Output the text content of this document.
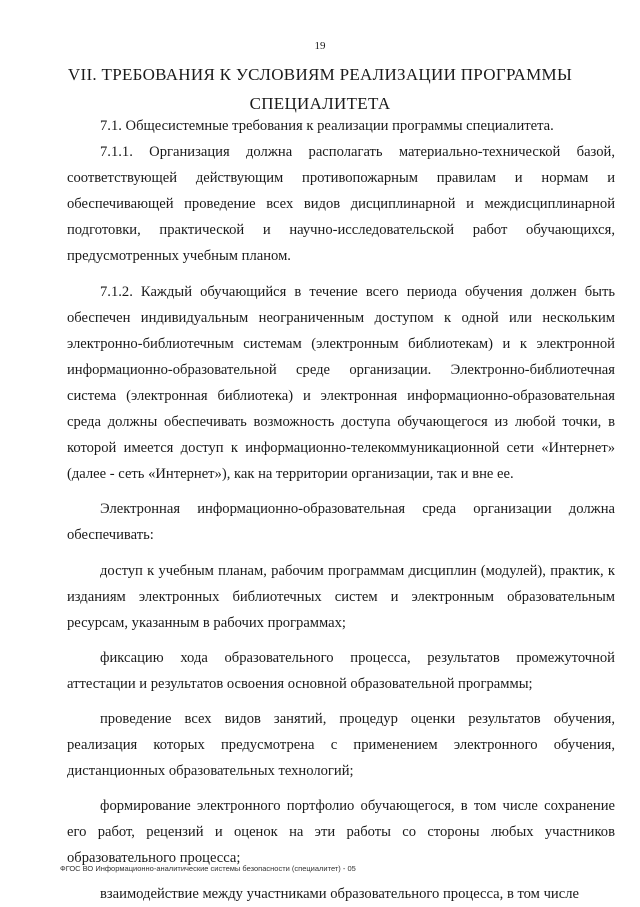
19
VII. ТРЕБОВАНИЯ К УСЛОВИЯМ РЕАЛИЗАЦИИ ПРОГРАММЫ СПЕЦИАЛИТЕТА

7.1. Общесистемные требования к реализации программы специалитета.

7.1.1. Организация должна располагать материально-технической базой, соответствующей действующим противопожарным правилам и нормам и обеспечивающей проведение всех видов дисциплинарной и междисциплинарной подготовки, практической и научно-исследовательской работ обучающихся, предусмотренных учебным планом.

7.1.2. Каждый обучающийся в течение всего периода обучения должен быть обеспечен индивидуальным неограниченным доступом к одной или нескольким электронно-библиотечным системам (электронным библиотекам) и к электронной информационно-образовательной среде организации. Электронно-библиотечная система (электронная библиотека) и электронная информационно-образовательная среда должны обеспечивать возможность доступа обучающегося из любой точки, в которой имеется доступ к информационно-телекоммуникационной сети «Интернет» (далее - сеть «Интернет»), как на территории организации, так и вне ее.

Электронная информационно-образовательная среда организации должна обеспечивать:

доступ к учебным планам, рабочим программам дисциплин (модулей), практик, к изданиям электронных библиотечных систем и электронным образовательным ресурсам, указанным в рабочих программах;

фиксацию хода образовательного процесса, результатов промежуточной аттестации и результатов освоения основной образовательной программы;

проведение всех видов занятий, процедур оценки результатов обучения, реализация которых предусмотрена с применением электронного обучения, дистанционных образовательных технологий;

формирование электронного портфолио обучающегося, в том числе сохранение его работ, рецензий и оценок на эти работы со стороны любых участников образовательного процесса;

взаимодействие между участниками образовательного процесса, в том числе

ФГОС ВО Информационно-аналитические системы безопасности (специалитет) - 05
